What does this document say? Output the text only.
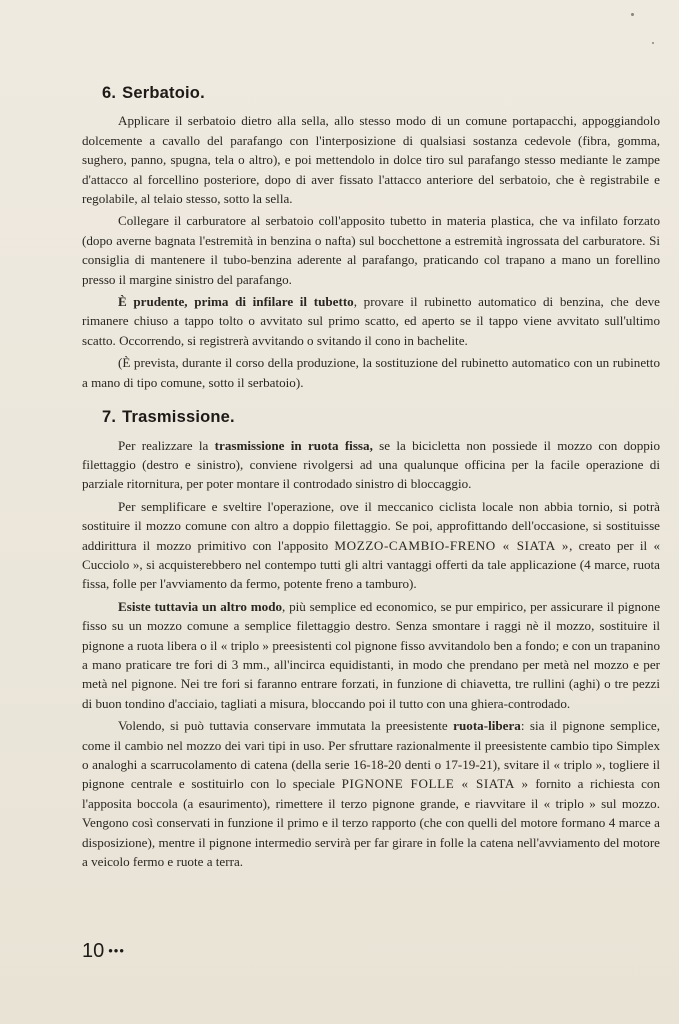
6. Serbatoio.

Applicare il serbatoio dietro alla sella, allo stesso modo di un comune portapacchi, appoggiandolo dolcemente a cavallo del parafango con l'interposizione di qualsiasi sostanza cedevole (fibra, gomma, sughero, panno, spugna, tela o altro), e poi mettendolo in dolce tiro sul parafango stesso mediante le zampe d'attacco al forcellino posteriore, dopo di aver fissato l'attacco anteriore del serbatoio, che è registrabile e regolabile, al telaio stesso, sotto la sella.

Collegare il carburatore al serbatoio coll'apposito tubetto in materia plastica, che va infilato forzato (dopo averne bagnata l'estremità in benzina o nafta) sul bocchettone a estremità ingrossata del carburatore. Si consiglia di mantenere il tubo-benzina aderente al parafango, praticando col trapano a mano un forellino presso il margine sinistro del parafango.

È prudente, prima di infilare il tubetto, provare il rubinetto automatico di benzina, che deve rimanere chiuso a tappo tolto o avvitato sul primo scatto, ed aperto se il tappo viene avvitato sull'ultimo scatto. Occorrendo, si registrerà avvitando o svitando il cono in bachelite.

(È prevista, durante il corso della produzione, la sostituzione del rubinetto automatico con un rubinetto a mano di tipo comune, sotto il serbatoio).

7. Trasmissione.

Per realizzare la trasmissione in ruota fissa, se la bicicletta non possiede il mozzo con doppio filettaggio (destro e sinistro), conviene rivolgersi ad una qualunque officina per la facile operazione di parziale ritornitura, per poter montare il controdado sinistro di bloccaggio.

Per semplificare e sveltire l'operazione, ove il meccanico ciclista locale non abbia tornio, si potrà sostituire il mozzo comune con altro a doppio filettaggio. Se poi, approfittando dell'occasione, si sostituisse addirittura il mozzo primitivo con l'apposito MOZZO-CAMBIO-FRENO « SIATA », creato per il « Cucciolo », si acquisterebbero nel contempo tutti gli altri vantaggi offerti da tale applicazione (4 marce, ruota fissa, folle per l'avviamento da fermo, potente freno a tamburo).

Esiste tuttavia un altro modo, più semplice ed economico, se pur empirico, per assicurare il pignone fisso su un mozzo comune a semplice filettaggio destro. Senza smontare i raggi nè il mozzo, sostituire il pignone a ruota libera o il « triplo » preesistenti col pignone fisso avvitandolo ben a fondo; e con un trapanino a mano praticare tre fori di 3 mm., all'incirca equidistanti, in modo che prendano per metà nel mozzo e per metà nel pignone. Nei tre fori si faranno entrare forzati, in funzione di chiavetta, tre rullini (aghi) o tre pezzi di buon tondino d'acciaio, tagliati a misura, bloccando poi il tutto con una ghiera-controdado.

Volendo, si può tuttavia conservare immutata la preesistente ruota-libera: sia il pignone semplice, come il cambio nel mozzo dei vari tipi in uso. Per sfruttare razionalmente il preesistente cambio tipo Simplex o analoghi a scarrucolamento di catena (della serie 16-18-20 denti o 17-19-21), svitare il « triplo », togliere il pignone centrale e sostituirlo con lo speciale PIGNONE FOLLE « SIATA » fornito a richiesta con l'apposita boccola (a esaurimento), rimettere il terzo pignone grande, e riavvitare il « triplo » sul mozzo. Vengono così conservati in funzione il primo e il terzo rapporto (che con quelli del motore formano 4 marce a disposizione), mentre il pignone intermedio servirà per far girare in folle la catena nell'avviamento del motore a veicolo fermo e ruote a terra.

10 •••
